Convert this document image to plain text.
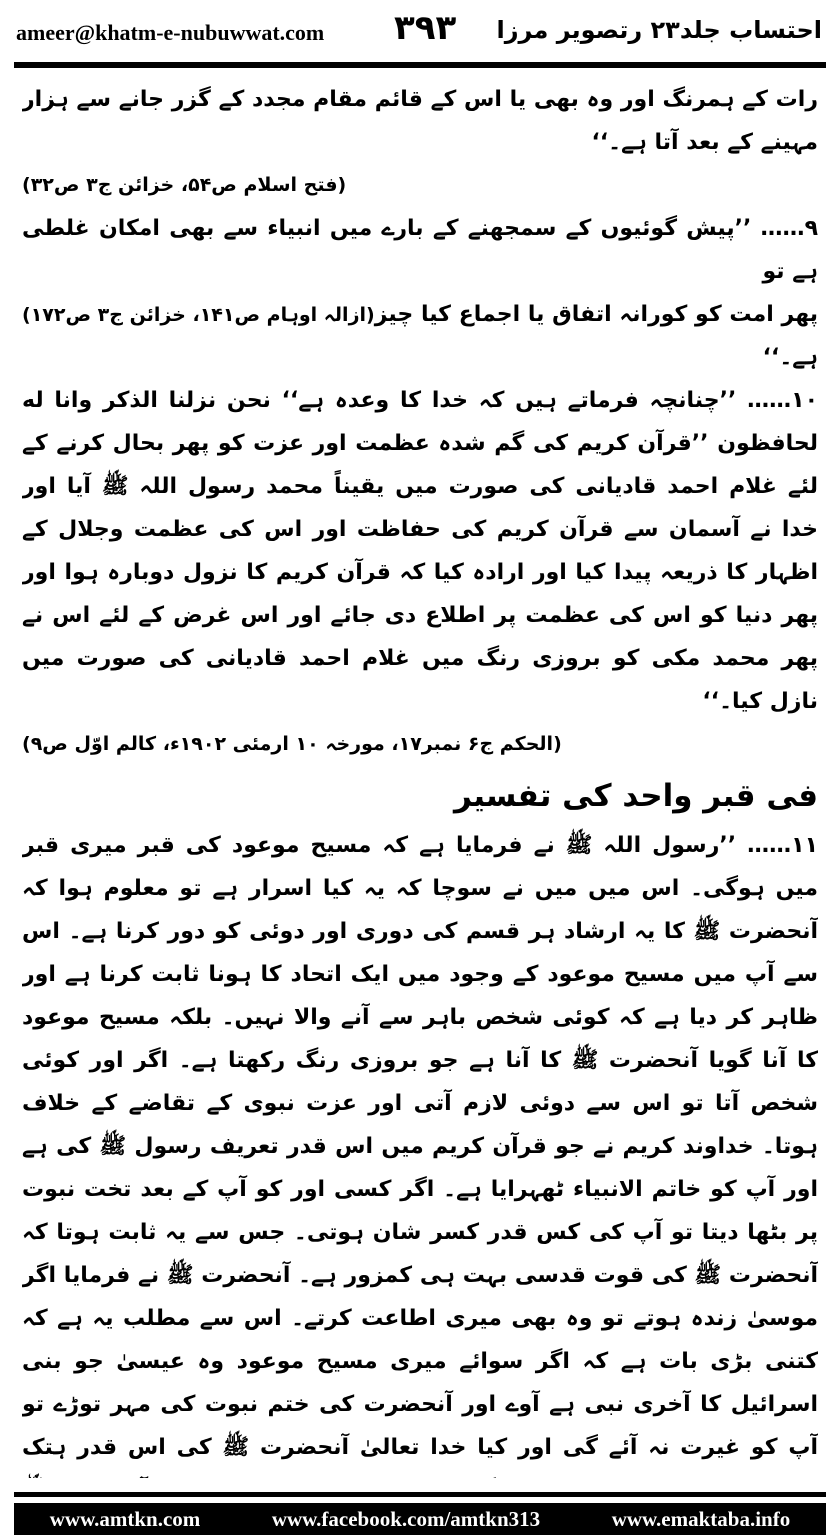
ameer@khatm-e-nubuwwat.com ۳۹۳ احتساب جلد۲۳ رتصویر مرزا

رات کے ہمرنگ اور وہ بھی یا اس کے قائم مقام مجدد کے گزر جانے سے ہزار مہینے کے بعد آتا ہے۔‘‘

(فتح اسلام ص۵۴، خزائن ج۳ ص۳۲)

۹…… ’’پیش گوئیوں کے سمجھنے کے بارے میں انبیاء سے بھی امکان غلطی ہے تو

پھر امت کو کورانہ اتفاق یا اجماع کیا چیز ہے۔‘‘

(ازالہ اوہام ص۱۴۱، خزائن ج۳ ص۱۷۲)

۱۰…… ’’چنانچہ فرماتے ہیں کہ خدا کا وعدہ ہے‘‘ نحن نزلنا الذکر وانا له لحافظون ’’قرآن کریم کی گم شدہ عظمت اور عزت کو پھر بحال کرنے کے لئے غلام احمد قادیانی کی صورت میں یقیناً محمد رسول اللہ ﷺ آیا اور خدا نے آسمان سے قرآن کریم کی حفاظت اور اس کی عظمت وجلال کے اظہار کا ذریعہ پیدا کیا اور ارادہ کیا کہ قرآن کریم کا نزول دوبارہ ہوا اور پھر دنیا کو اس کی عظمت پر اطلاع دی جائے اور اس غرض کے لئے اس نے پھر محمد مکی کو بروزی رنگ میں غلام احمد قادیانی کی صورت میں نازل کیا۔‘‘

(الحکم ج۶ نمبر۱۷، مورخہ ۱۰ ارمئی ۱۹۰۲ء، کالم اوّل ص۹)

فی قبر واحد کی تفسیر

۱۱…… ’’رسول اللہ ﷺ نے فرمایا ہے کہ مسیح موعود کی قبر میری قبر میں ہوگی۔ اس میں میں نے سوچا کہ یہ کیا اسرار ہے تو معلوم ہوا کہ آنحضرت ﷺ کا یہ ارشاد ہر قسم کی دوری اور دوئی کو دور کرنا ہے۔ اس سے آپ میں مسیح موعود کے وجود میں ایک اتحاد کا ہونا ثابت کرنا ہے اور ظاہر کر دیا ہے کہ کوئی شخص باہر سے آنے والا نہیں۔ بلکہ مسیح موعود کا آنا گویا آنحضرت ﷺ کا آنا ہے جو بروزی رنگ رکھتا ہے۔ اگر اور کوئی شخص آتا تو اس سے دوئی لازم آتی اور عزت نبوی کے تقاضے کے خلاف ہوتا۔ خداوند کریم نے جو قرآن کریم میں اس قدر تعریف رسول ﷺ کی ہے اور آپ کو خاتم الانبیاء ٹھہرایا ہے۔ اگر کسی اور کو آپ کے بعد تخت نبوت پر بٹھا دیتا تو آپ کی کس قدر کسر شان ہوتی۔ جس سے یہ ثابت ہوتا کہ آنحضرت ﷺ کی قوت قدسی بہت ہی کمزور ہے۔ آنحضرت ﷺ نے فرمایا اگر موسیٰ زندہ ہوتے تو وہ بھی میری اطاعت کرتے۔ اس سے مطلب یہ ہے کہ کتنی بڑی بات ہے کہ اگر سوائے میری مسیح موعود وہ عیسیٰ جو بنی اسرائیل کا آخری نبی ہے آوے اور آنحضرت کی ختم نبوت کی مہر توڑے تو آپ کو غیرت نہ آئے گی اور کیا خدا تعالیٰ آنحضرت ﷺ کی اس قدر ہتک

www.amtkn.com	www.facebook.com/amtkn313	www.emaktaba.info
